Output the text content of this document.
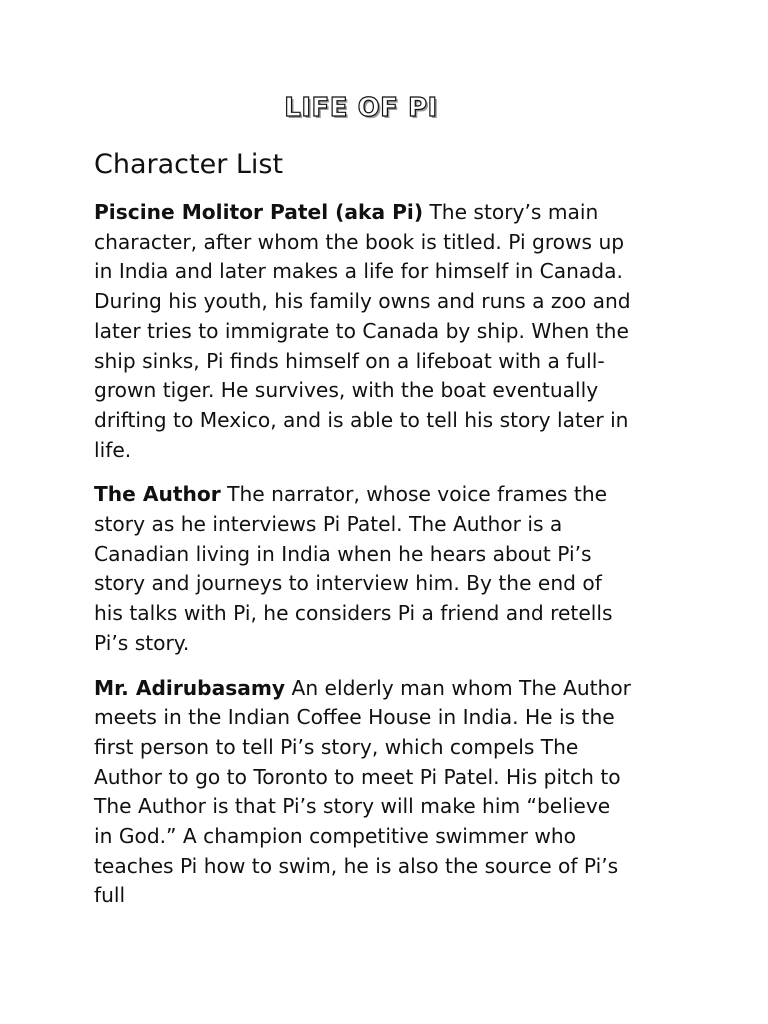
LIFE OF PI
Character List

Piscine Molitor Patel (aka Pi) The story’s main character, after whom the book is titled. Pi grows up in India and later makes a life for himself in Canada. During his youth, his family owns and runs a zoo and later tries to immigrate to Canada by ship. When the ship sinks, Pi finds himself on a lifeboat with a full-grown tiger. He survives, with the boat eventually drifting to Mexico, and is able to tell his story later in life.

The Author The narrator, whose voice frames the story as he interviews Pi Patel. The Author is a Canadian living in India when he hears about Pi’s story and journeys to interview him. By the end of his talks with Pi, he considers Pi a friend and retells Pi’s story.

Mr. Adirubasamy An elderly man whom The Author meets in the Indian Coffee House in India. He is the first person to tell Pi’s story, which compels The Author to go to Toronto to meet Pi Patel. His pitch to The Author is that Pi’s story will make him “believe in God.” A champion competitive swimmer who teaches Pi how to swim, he is also the source of Pi’s full
